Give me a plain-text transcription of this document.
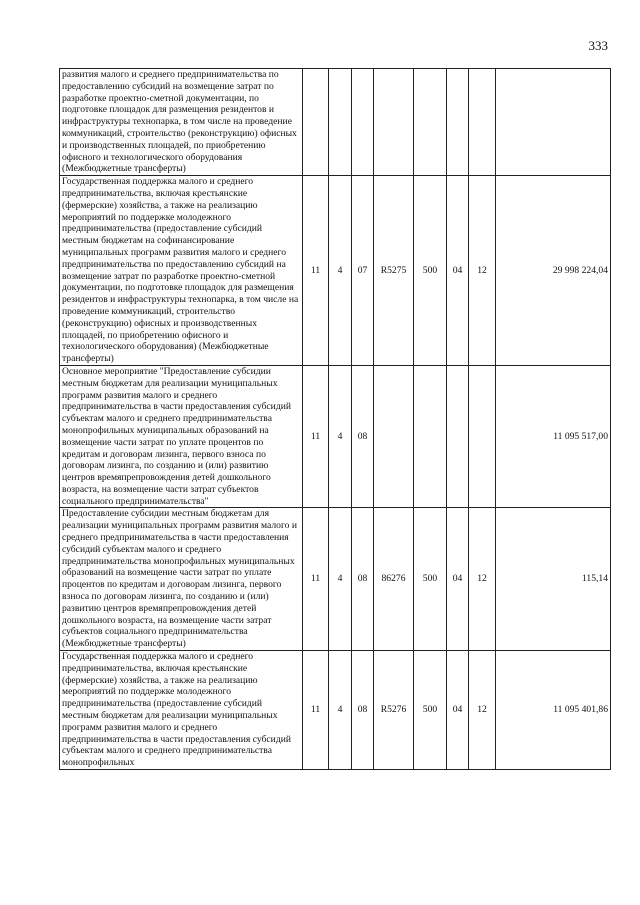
333
развития малого и среднего предпринимательства по предоставлению субсидий на возмещение затрат по разработке проектно-сметной документации, по подготовке площадок для размещения резидентов и инфраструктуры технопарка, в том числе на проведение коммуникаций, строительство (реконструкцию) офисных и производственных площадей, по приобретению офисного и технологического оборудования (Межбюджетные трансферты)								
Государственная поддержка малого и среднего предпринимательства, включая крестьянские (фермерские) хозяйства, а также на реализацию мероприятий по поддержке молодежного предпринимательства (предоставление субсидий местным бюджетам на софинансирование муниципальных программ развития малого и среднего предпринимательства по предоставлению субсидий на возмещение затрат по разработке проектно-сметной документации, по подготовке площадок для размещения резидентов и инфраструктуры технопарка, в том числе на проведение коммуникаций, строительство (реконструкцию) офисных и производственных площадей, по приобретению офисного и технологического оборудования) (Межбюджетные трансферты)	11	4	07	R5275	500	04	12	29 998 224,04
Основное мероприятие "Предоставление субсидии местным бюджетам для реализации муниципальных программ развития малого и среднего предпринимательства в части предоставления субсидий субъектам малого и среднего предпринимательства монопрофильных муниципальных образований на возмещение части затрат по уплате процентов по кредитам и договорам лизинга, первого взноса по договорам лизинга, по созданию и (или) развитию центров времяпрепровождения детей дошкольного возраста, на возмещение части затрат субъектов социального предпринимательства"	11	4	08					11 095 517,00
Предоставление субсидии местным бюджетам для реализации муниципальных программ развития малого и среднего предпринимательства в части предоставления субсидий субъектам малого и среднего предпринимательства монопрофильных муниципальных образований на возмещение части затрат по уплате процентов по кредитам и договорам лизинга, первого взноса по договорам лизинга, по созданию и (или) развитию центров времяпрепровождения детей дошкольного возраста, на возмещение части затрат субъектов социального предпринимательства (Межбюджетные трансферты)	11	4	08	86276	500	04	12	115,14
Государственная поддержка малого и среднего предпринимательства, включая крестьянские (фермерские) хозяйства, а также на реализацию мероприятий по поддержке молодежного предпринимательства (предоставление субсидий местным бюджетам для реализации муниципальных программ развития малого и среднего предпринимательства в части предоставления субсидий субъектам малого и среднего предпринимательства монопрофильных	11	4	08	R5276	500	04	12	11 095 401,86
